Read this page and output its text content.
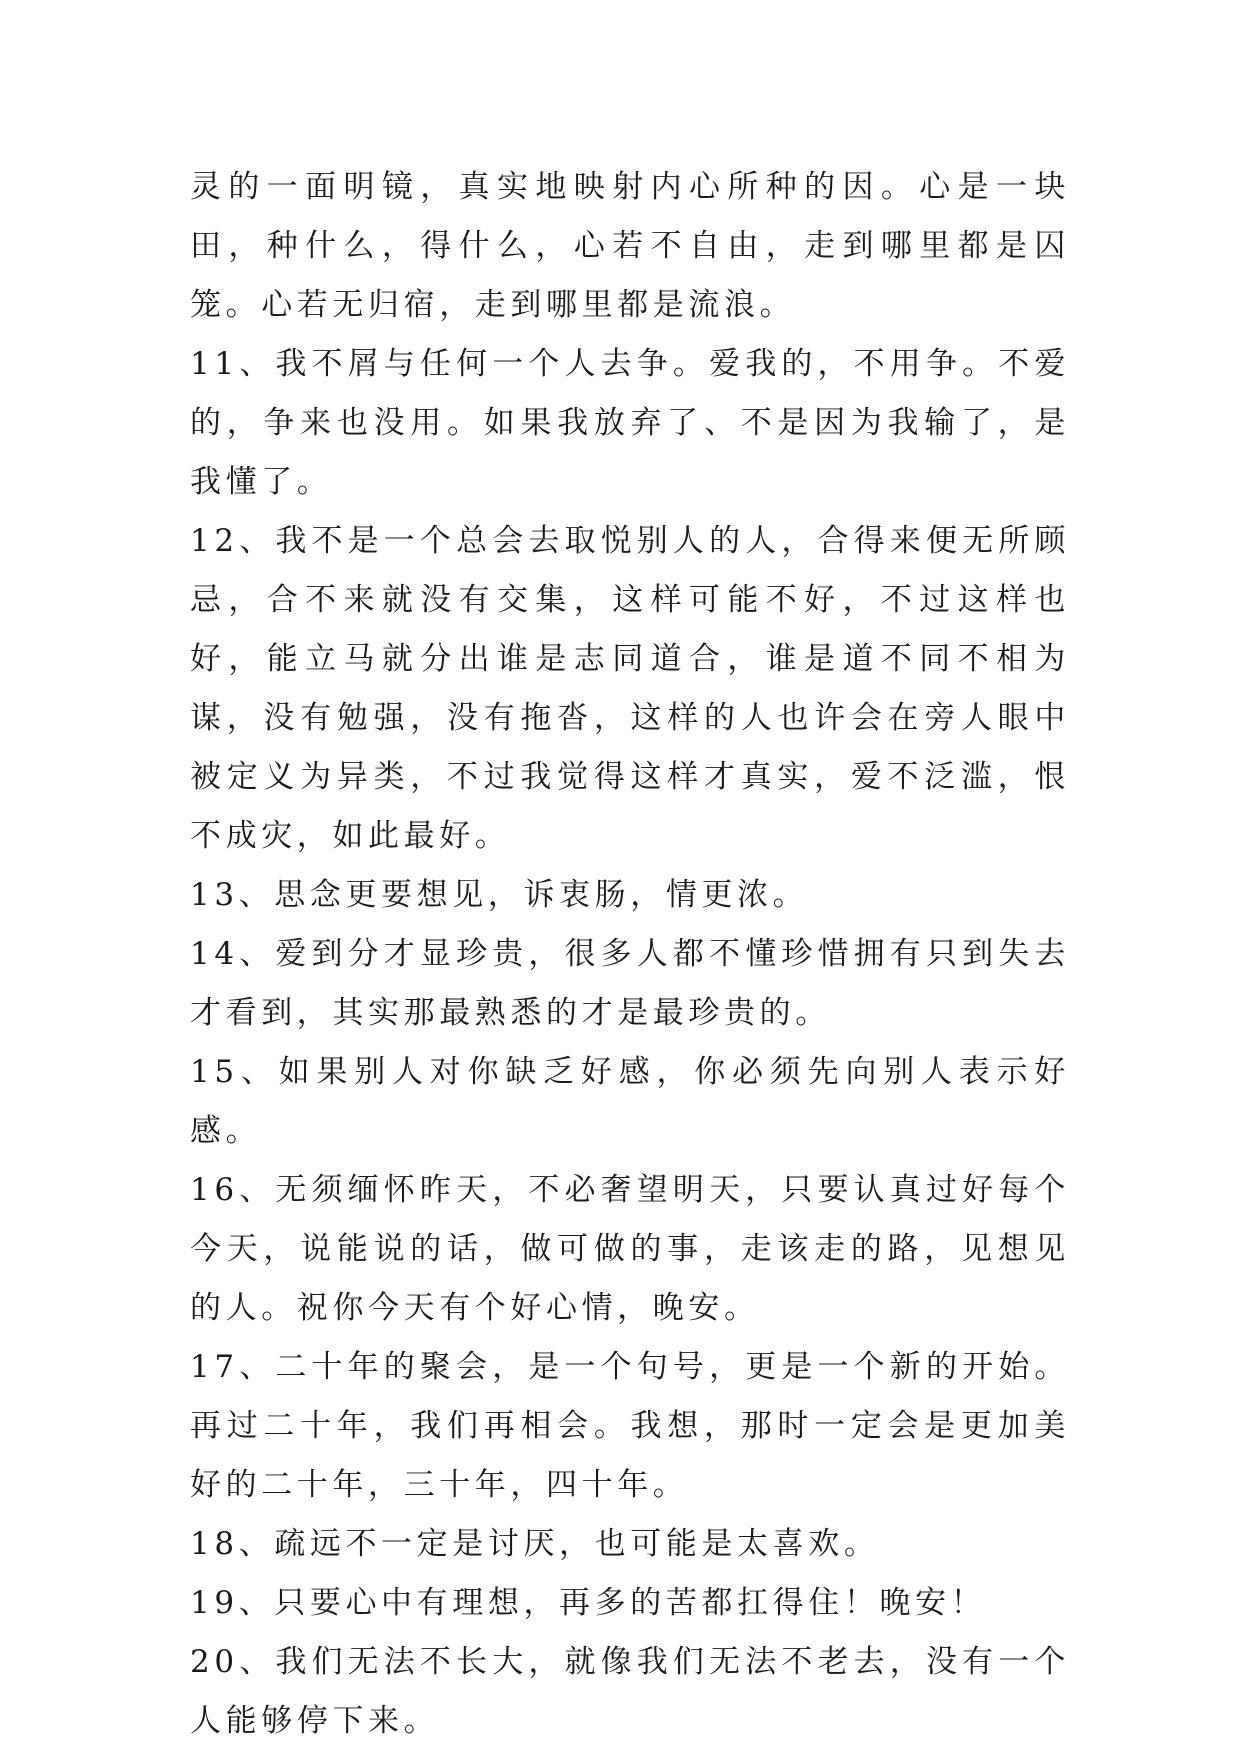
灵的一面明镜，真实地映射内心所种的因。心是一块田，种什么，得什么，心若不自由，走到哪里都是囚笼。心若无归宿，走到哪里都是流浪。

11、我不屑与任何一个人去争。爱我的，不用争。不爱的，争来也没用。如果我放弃了、不是因为我输了，是我懂了。

12、我不是一个总会去取悦别人的人，合得来便无所顾忌，合不来就没有交集，这样可能不好，不过这样也好，能立马就分出谁是志同道合，谁是道不同不相为谋，没有勉强，没有拖沓，这样的人也许会在旁人眼中被定义为异类，不过我觉得这样才真实，爱不泛滥，恨不成灾，如此最好。

13、思念更要想见，诉衷肠，情更浓。

14、爱到分才显珍贵，很多人都不懂珍惜拥有只到失去才看到，其实那最熟悉的才是最珍贵的。

15、如果别人对你缺乏好感，你必须先向别人表示好感。

16、无须缅怀昨天，不必奢望明天，只要认真过好每个今天，说能说的话，做可做的事，走该走的路，见想见的人。祝你今天有个好心情，晚安。

17、二十年的聚会，是一个句号，更是一个新的开始。再过二十年，我们再相会。我想，那时一定会是更加美好的二十年，三十年，四十年。

18、疏远不一定是讨厌，也可能是太喜欢。

19、只要心中有理想，再多的苦都扛得住！晚安！

20、我们无法不长大，就像我们无法不老去，没有一个人能够停下来。
